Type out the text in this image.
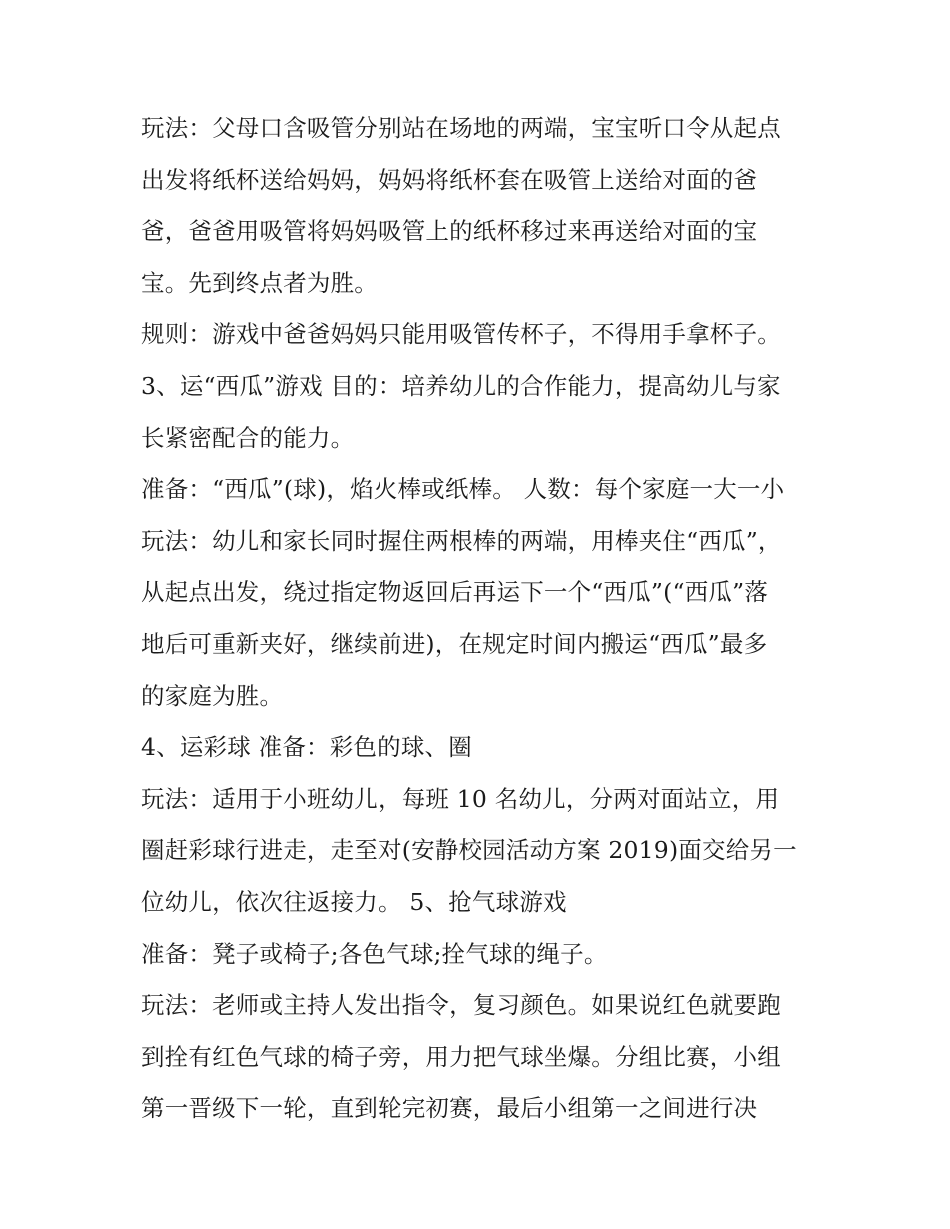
玩法：父母口含吸管分别站在场地的两端，宝宝听口令从起点
出发将纸杯送给妈妈，妈妈将纸杯套在吸管上送给对面的爸
爸，爸爸用吸管将妈妈吸管上的纸杯移过来再送给对面的宝
宝。先到终点者为胜。
规则：游戏中爸爸妈妈只能用吸管传杯子，不得用手拿杯子。
3、运“西瓜”游戏 目的：培养幼儿的合作能力，提高幼儿与家
长紧密配合的能力。
准备：“西瓜”(球)，焰火棒或纸棒。 人数：每个家庭一大一小
玩法：幼儿和家长同时握住两根棒的两端，用棒夹住“西瓜”，
从起点出发，绕过指定物返回后再运下一个“西瓜”(“西瓜”落
地后可重新夹好，继续前进)，在规定时间内搬运“西瓜”最多
的家庭为胜。
4、运彩球 准备：彩色的球、圈
玩法：适用于小班幼儿，每班 10 名幼儿，分两对面站立，用
圈赶彩球行进走，走至对(安静校园活动方案 2019)面交给另一
位幼儿，依次往返接力。 5、抢气球游戏
准备：凳子或椅子;各色气球;拴气球的绳子。
玩法：老师或主持人发出指令，复习颜色。如果说红色就要跑
到拴有红色气球的椅子旁，用力把气球坐爆。分组比赛，小组
第一晋级下一轮，直到轮完初赛，最后小组第一之间进行决
